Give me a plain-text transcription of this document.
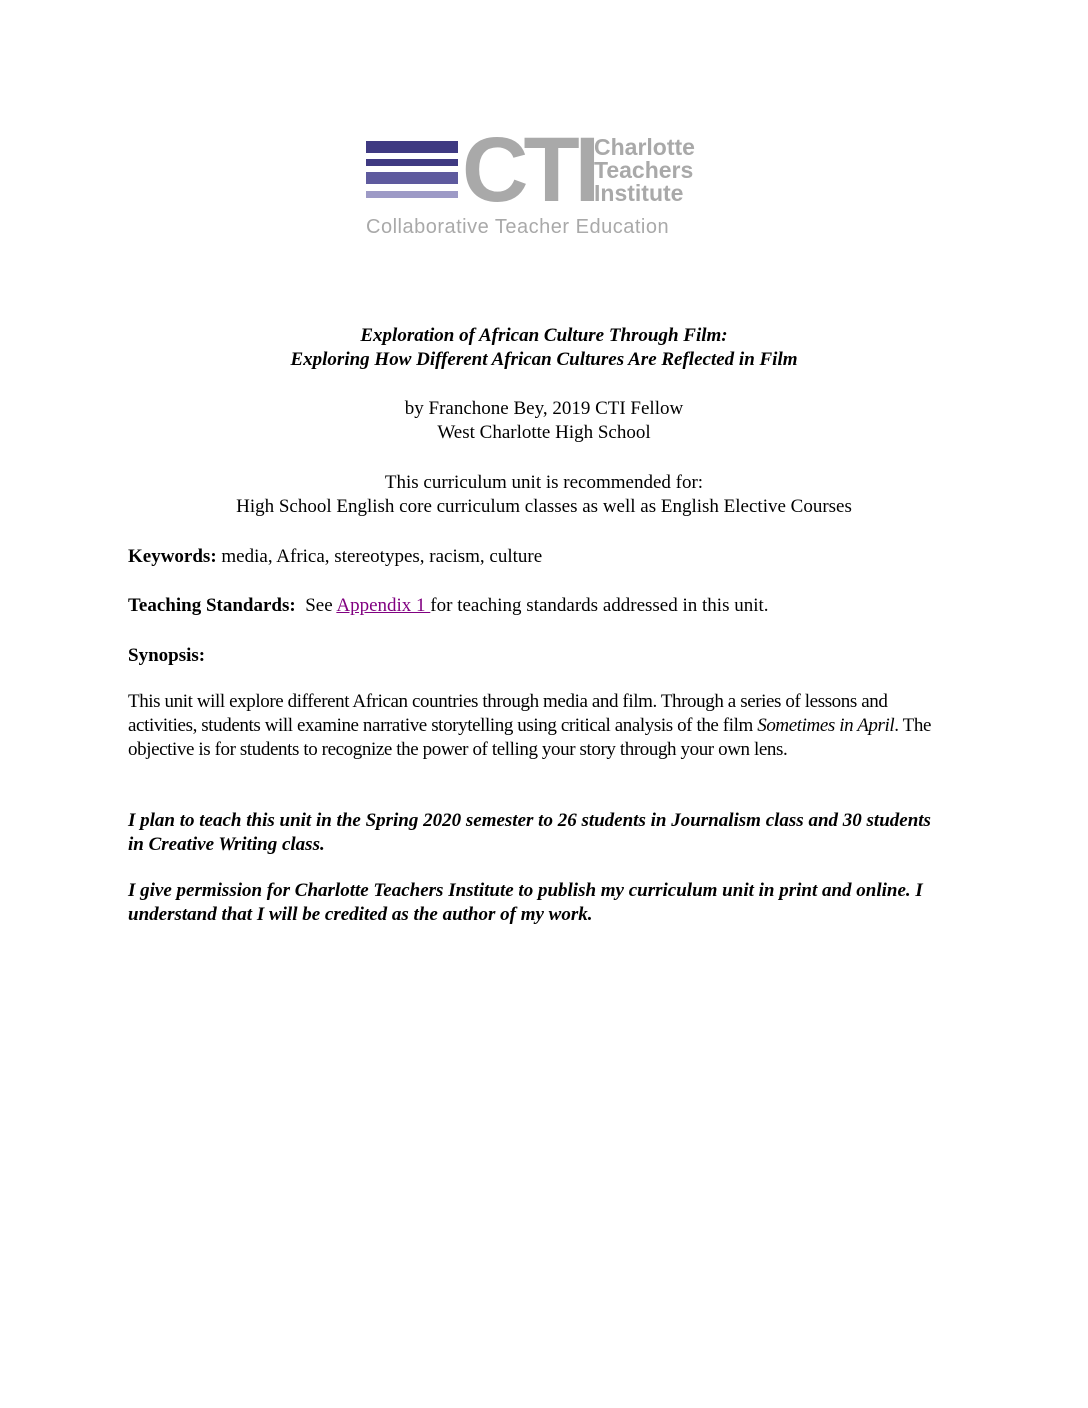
CTI
Charlotte
Teachers
Institute
Collaborative Teacher Education
Exploration of African Culture Through Film:
Exploring How Different African Cultures Are Reflected in Film
by Franchone Bey, 2019 CTI Fellow
West Charlotte High School
This curriculum unit is recommended for:
High School English core curriculum classes as well as English Elective Courses
Keywords: media, Africa, stereotypes, racism, culture
Teaching Standards:  See Appendix 1 for teaching standards addressed in this unit.
Synopsis:
This unit will explore different African countries through media and film. Through a series of lessons and activities, students will examine narrative storytelling using critical analysis of the film Sometimes in April. The objective is for students to recognize the power of telling your story through your own lens.
I plan to teach this unit in the Spring 2020 semester to 26 students in Journalism class and 30 students in Creative Writing class.
I give permission for Charlotte Teachers Institute to publish my curriculum unit in print and online. I understand that I will be credited as the author of my work.
